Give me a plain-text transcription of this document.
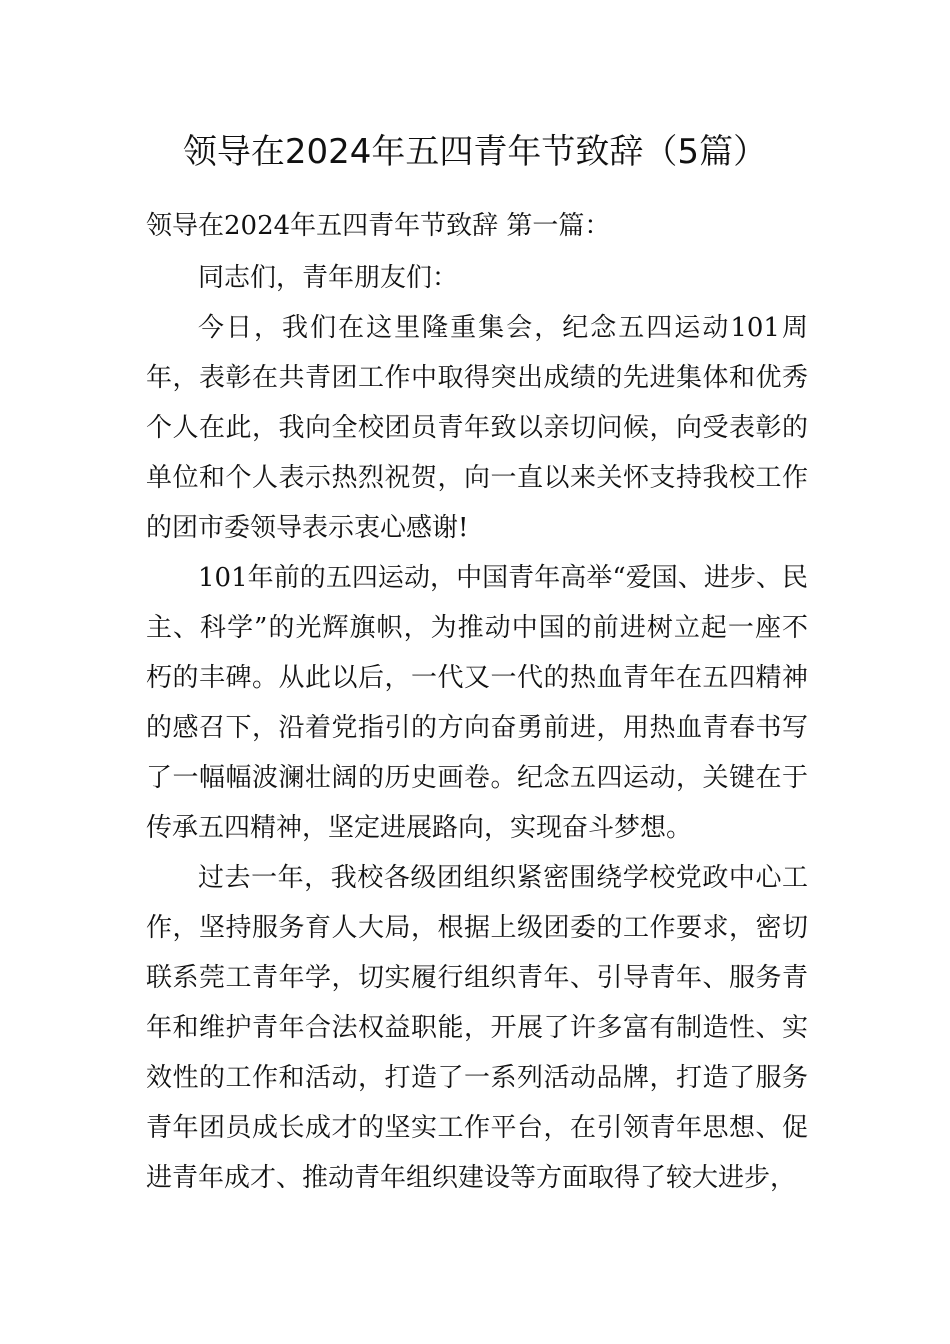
领导在2024年五四青年节致辞（5篇）

领导在2024年五四青年节致辞 第一篇：

同志们，青年朋友们：

今日，我们在这里隆重集会，纪念五四运动101周年，表彰在共青团工作中取得突出成绩的先进集体和优秀个人在此，我向全校团员青年致以亲切问候，向受表彰的单位和个人表示热烈祝贺，向一直以来关怀支持我校工作的团市委领导表示衷心感谢!

101年前的五四运动，中国青年高举“爱国、进步、民主、科学”的光辉旗帜，为推动中国的前进树立起一座不朽的丰碑。从此以后，一代又一代的热血青年在五四精神的感召下，沿着党指引的方向奋勇前进，用热血青春书写了一幅幅波澜壮阔的历史画卷。纪念五四运动，关键在于传承五四精神，坚定进展路向，实现奋斗梦想。

过去一年，我校各级团组织紧密围绕学校党政中心工作，坚持服务育人大局，根据上级团委的工作要求，密切联系莞工青年学，切实履行组织青年、引导青年、服务青年和维护青年合法权益职能，开展了许多富有制造性、实效性的工作和活动，打造了一系列活动品牌，打造了服务青年团员成长成才的坚实工作平台，在引领青年思想、促进青年成才、推动青年组织建设等方面取得了较大进步，
